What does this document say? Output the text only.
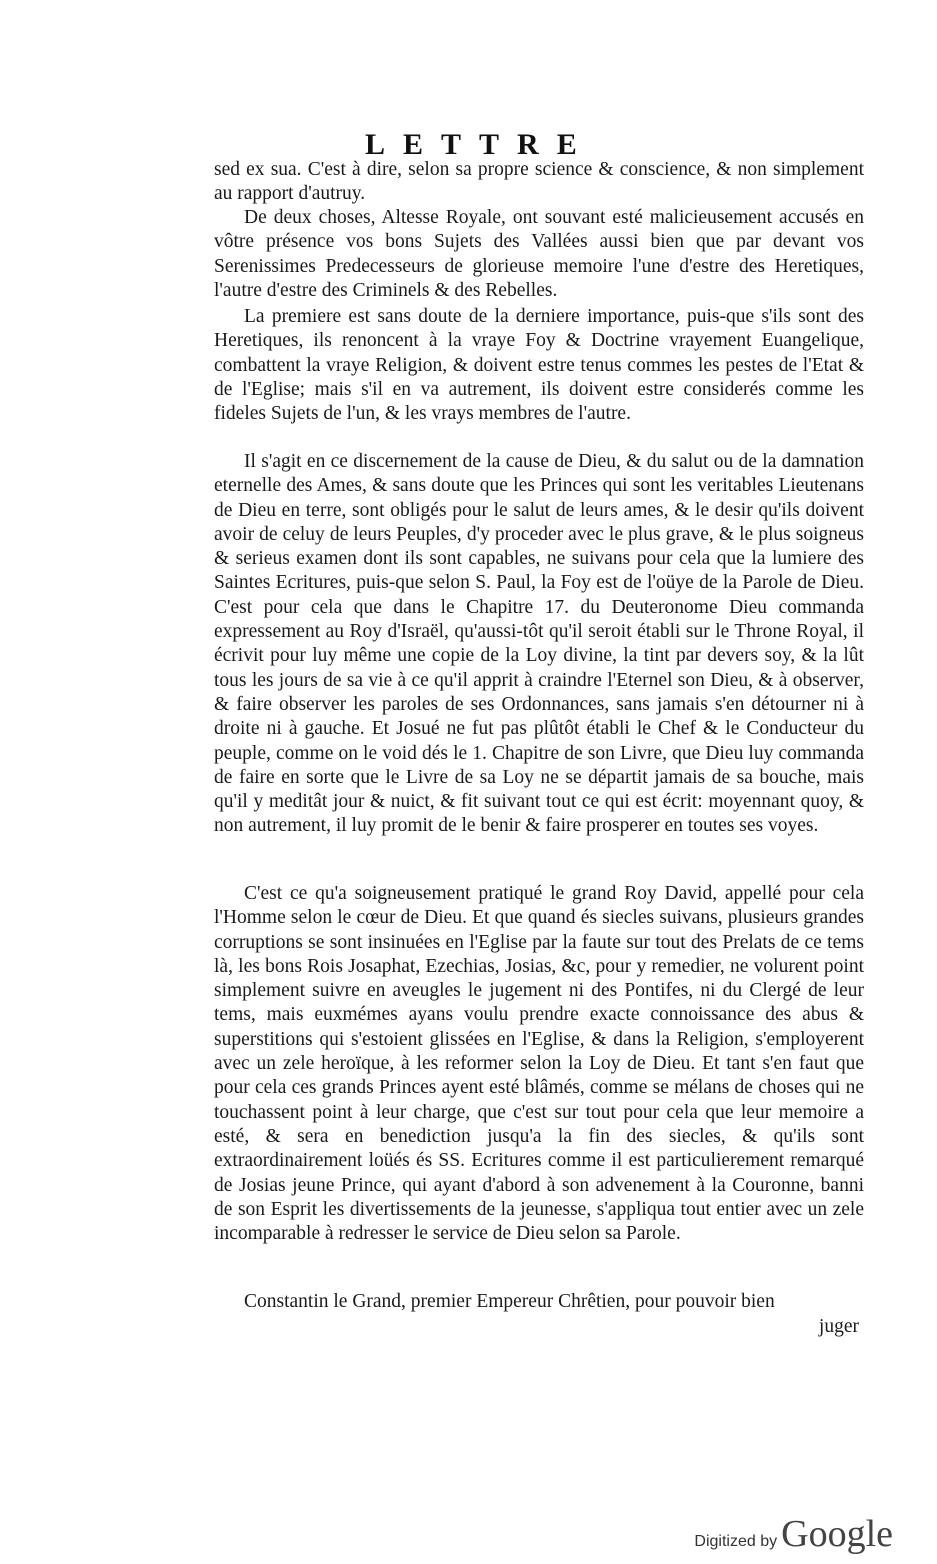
LETTRE

sed ex sua. C'est à dire, selon sa propre science & conscience, & non simplement au rapport d'autruy.

De deux choses, Altesse Royale, ont souvant esté malicieusement accusés en vôtre présence vos bons Sujets des Vallées aussi bien que par devant vos Serenissimes Predecesseurs de glorieuse memoire l'une d'estre des Heretiques, l'autre d'estre des Criminels & des Rebelles.

La premiere est sans doute de la derniere importance, puis-que s'ils sont des Heretiques, ils renoncent à la vraye Foy & Doctrine vrayement Euangelique, combattent la vraye Religion, & doivent estre tenus commes les pestes de l'Etat & de l'Eglise; mais s'il en va autrement, ils doivent estre considerés comme les fideles Sujets de l'un, & les vrays membres de l'autre.

Il s'agit en ce discernement de la cause de Dieu, & du salut ou de la damnation eternelle des Ames, & sans doute que les Princes qui sont les veritables Lieutenans de Dieu en terre, sont obligés pour le salut de leurs ames, & le desir qu'ils doivent avoir de celuy de leurs Peuples, d'y proceder avec le plus grave, & le plus soigneus & serieus examen dont ils sont capables, ne suivans pour cela que la lumiere des Saintes Ecritures, puis-que selon S. Paul, la Foy est de l'oüye de la Parole de Dieu. C'est pour cela que dans le Chapitre 17. du Deuteronome Dieu commanda expressement au Roy d'Israël, qu'aussi-tôt qu'il seroit établi sur le Throne Royal, il écrivit pour luy même une copie de la Loy divine, la tint par devers soy, & la lût tous les jours de sa vie à ce qu'il apprit à craindre l'Eternel son Dieu, & à observer, & faire observer les paroles de ses Ordonnances, sans jamais s'en détourner ni à droite ni à gauche. Et Josué ne fut pas plûtôt établi le Chef & le Conducteur du peuple, comme on le void dés le 1. Chapitre de son Livre, que Dieu luy commanda de faire en sorte que le Livre de sa Loy ne se départit jamais de sa bouche, mais qu'il y meditât jour & nuict, & fit suivant tout ce qui est écrit: moyennant quoy, & non autrement, il luy promit de le benir & faire prosperer en toutes ses voyes.

C'est ce qu'a soigneusement pratiqué le grand Roy David, appellé pour cela l'Homme selon le cœur de Dieu. Et que quand és siecles suivans, plusieurs grandes corruptions se sont insinuées en l'Eglise par la faute sur tout des Prelats de ce tems là, les bons Rois Josaphat, Ezechias, Josias, &c, pour y remedier, ne volurent point simplement suivre en aveugles le jugement ni des Pontifes, ni du Clergé de leur tems, mais euxmémes ayans voulu prendre exacte connoissance des abus & superstitions qui s'estoient glissées en l'Eglise, & dans la Religion, s'employerent avec un zele heroïque, à les reformer selon la Loy de Dieu. Et tant s'en faut que pour cela ces grands Princes ayent esté blâmés, comme se mélans de choses qui ne touchassent point à leur charge, que c'est sur tout pour cela que leur memoire a esté, & sera en benediction jusqu'a la fin des siecles, & qu'ils sont extraordinairement loüés és SS. Ecritures comme il est particulierement remarqué de Josias jeune Prince, qui ayant d'abord à son advenement à la Couronne, banni de son Esprit les divertissements de la jeunesse, s'appliqua tout entier avec un zele incomparable à redresser le service de Dieu selon sa Parole.

Constantin le Grand, premier Empereur Chrêtien, pour pouvoir bien

juger
Digitized by Google
